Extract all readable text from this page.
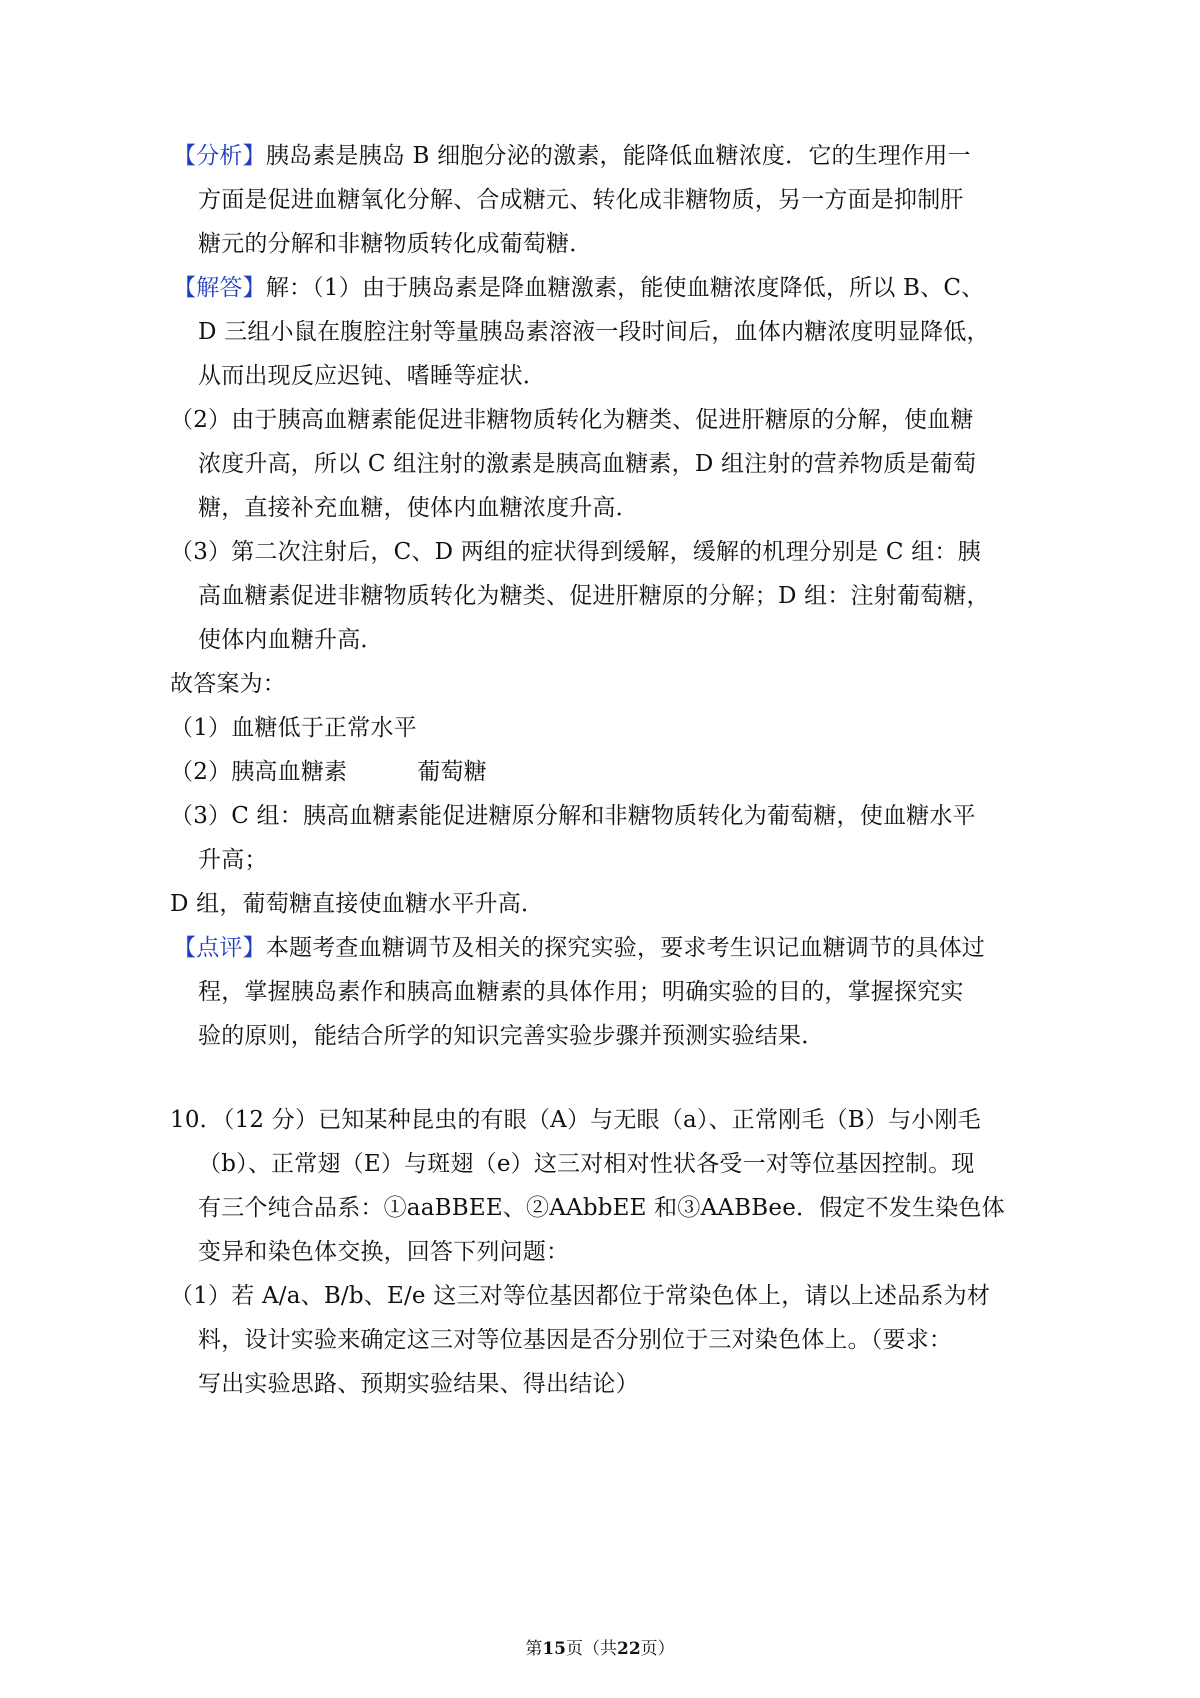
【分析】胰岛素是胰岛 B 细胞分泌的激素，能降低血糖浓度．它的生理作用一
方面是促进血糖氧化分解、合成糖元、转化成非糖物质，另一方面是抑制肝
糖元的分解和非糖物质转化成葡萄糖．
【解答】解：（1）由于胰岛素是降血糖激素，能使血糖浓度降低，所以 B、C、
D 三组小鼠在腹腔注射等量胰岛素溶液一段时间后，血体内糖浓度明显降低，
从而出现反应迟钝、嗜睡等症状．
（2）由于胰高血糖素能促进非糖物质转化为糖类、促进肝糖原的分解，使血糖
浓度升高，所以 C 组注射的激素是胰高血糖素，D 组注射的营养物质是葡萄
糖，直接补充血糖，使体内血糖浓度升高．
（3）第二次注射后，C、D 两组的症状得到缓解，缓解的机理分别是 C 组：胰
高血糖素促进非糖物质转化为糖类、促进肝糖原的分解；D 组：注射葡萄糖，
使体内血糖升高．
故答案为：
（1）血糖低于正常水平
（2）胰高血糖素	葡萄糖
（3）C 组：胰高血糖素能促进糖原分解和非糖物质转化为葡萄糖，使血糖水平
升高；
D 组，葡萄糖直接使血糖水平升高．
【点评】本题考查血糖调节及相关的探究实验，要求考生识记血糖调节的具体过
程，掌握胰岛素作和胰高血糖素的具体作用；明确实验的目的，掌握探究实
验的原则，能结合所学的知识完善实验步骤并预测实验结果．
10．（12 分）已知某种昆虫的有眼（A）与无眼（a）、正常刚毛（B）与小刚毛
（b）、正常翅（E）与斑翅（e）这三对相对性状各受一对等位基因控制。现
有三个纯合品系：①aaBBEE、②AAbbEE 和③AABBee．假定不发生染色体
变异和染色体交换，回答下列问题：
（1）若 A/a、B/b、E/e 这三对等位基因都位于常染色体上，请以上述品系为材
料，设计实验来确定这三对等位基因是否分别位于三对染色体上。（要求：
写出实验思路、预期实验结果、得出结论）
第15页（共22页）
